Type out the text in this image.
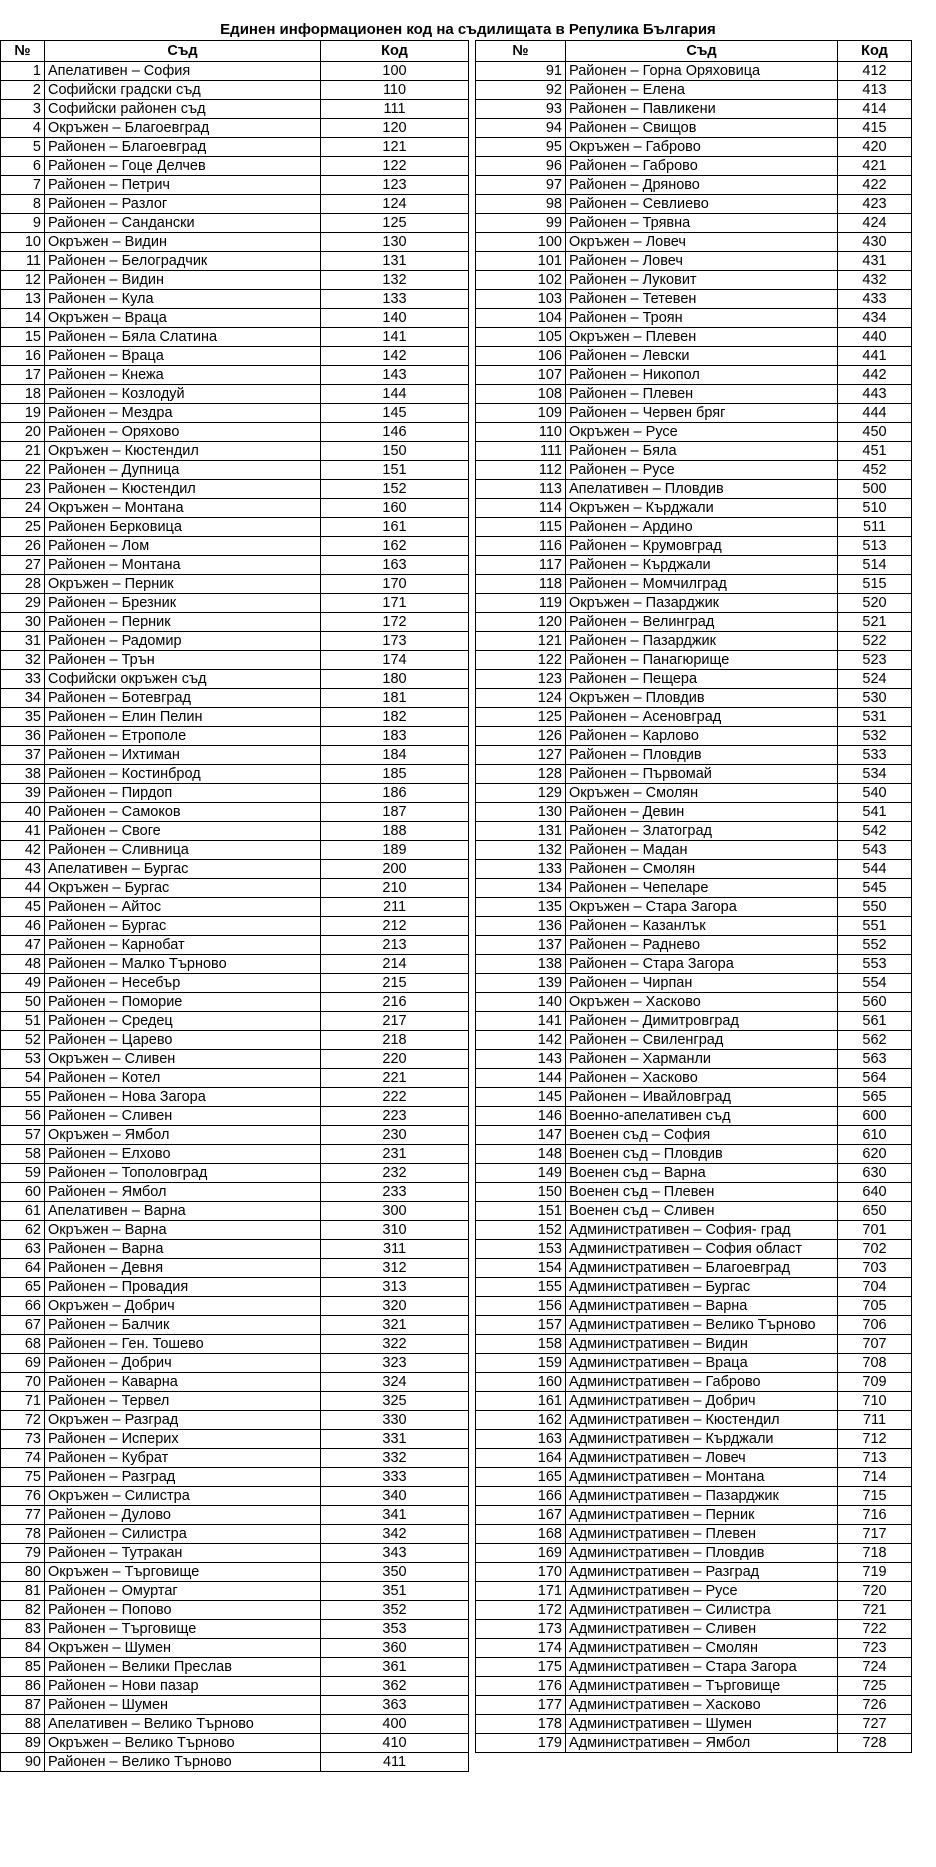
Единен информационен код на съдилищата в Репулика България
№	Съд	Код
1	Апелативен – София	100
2	Софийски градски съд	110
3	Софийски районен съд	111
4	Окръжен – Благоевград	120
5	Районен – Благоевград	121
6	Районен – Гоце Делчев	122
7	Районен – Петрич	123
8	Районен – Разлог	124
9	Районен – Сандански	125
10	Окръжен – Видин	130
11	Районен – Белоградчик	131
12	Районен – Видин	132
13	Районен – Кула	133
14	Окръжен – Враца	140
15	Районен – Бяла Слатина	141
16	Районен – Враца	142
17	Районен – Кнежа	143
18	Районен – Козлодуй	144
19	Районен – Мездра	145
20	Районен – Оряхово	146
21	Окръжен – Кюстендил	150
22	Районен – Дупница	151
23	Районен – Кюстендил	152
24	Окръжен – Монтана	160
25	Районен Берковица	161
26	Районен – Лом	162
27	Районен – Монтана	163
28	Окръжен – Перник	170
29	Районен – Брезник	171
30	Районен – Перник	172
31	Районен – Радомир	173
32	Районен – Трън	174
33	Софийски окръжен съд	180
34	Районен – Ботевград	181
35	Районен – Елин Пелин	182
36	Районен – Етрополе	183
37	Районен – Ихтиман	184
38	Районен – Костинброд	185
39	Районен – Пирдоп	186
40	Районен – Самоков	187
41	Районен – Своге	188
42	Районен – Сливница	189
43	Апелативен – Бургас	200
44	Окръжен – Бургас	210
45	Районен – Айтос	211
46	Районен – Бургас	212
47	Районен – Карнобат	213
48	Районен – Малко Търново	214
49	Районен – Несебър	215
50	Районен – Поморие	216
51	Районен – Средец	217
52	Районен – Царево	218
53	Окръжен – Сливен	220
54	Районен – Котел	221
55	Районен – Нова Загора	222
56	Районен – Сливен	223
57	Окръжен – Ямбол	230
58	Районен – Елхово	231
59	Районен – Тополовград	232
60	Районен – Ямбол	233
61	Апелативен – Варна	300
62	Окръжен – Варна	310
63	Районен – Варна	311
64	Районен – Девня	312
65	Районен – Провадия	313
66	Окръжен – Добрич	320
67	Районен – Балчик	321
68	Районен – Ген. Тошево	322
69	Районен – Добрич	323
70	Районен – Каварна	324
71	Районен – Тервел	325
72	Окръжен – Разград	330
73	Районен – Исперих	331
74	Районен – Кубрат	332
75	Районен – Разград	333
76	Окръжен – Силистра	340
77	Районен – Дулово	341
78	Районен – Силистра	342
79	Районен – Тутракан	343
80	Окръжен – Търговище	350
81	Районен – Омуртаг	351
82	Районен – Попово	352
83	Районен – Търговище	353
84	Окръжен – Шумен	360
85	Районен – Велики Преслав	361
86	Районен – Нови пазар	362
87	Районен – Шумен	363
88	Апелативен – Велико Търново	400
89	Окръжен – Велико Търново	410
90	Районен – Велико Търново	411
№	Съд	Код
91	Районен – Горна Оряховица	412
92	Районен – Елена	413
93	Районен – Павликени	414
94	Районен – Свищов	415
95	Окръжен – Габрово	420
96	Районен – Габрово	421
97	Районен – Дряново	422
98	Районен – Севлиево	423
99	Районен – Трявна	424
100	Окръжен – Ловеч	430
101	Районен – Ловеч	431
102	Районен – Луковит	432
103	Районен – Тетевен	433
104	Районен – Троян	434
105	Окръжен – Плевен	440
106	Районен – Левски	441
107	Районен – Никопол	442
108	Районен – Плевен	443
109	Районен – Червен бряг	444
110	Окръжен – Русе	450
111	Районен – Бяла	451
112	Районен – Русе	452
113	Апелативен – Пловдив	500
114	Окръжен – Кърджали	510
115	Районен – Ардино	511
116	Районен – Крумовград	513
117	Районен – Кърджали	514
118	Районен – Момчилград	515
119	Окръжен – Пазарджик	520
120	Районен – Велинград	521
121	Районен – Пазарджик	522
122	Районен – Панагюрище	523
123	Районен – Пещера	524
124	Окръжен – Пловдив	530
125	Районен – Асеновград	531
126	Районен – Карлово	532
127	Районен – Пловдив	533
128	Районен – Първомай	534
129	Окръжен – Смолян	540
130	Районен – Девин	541
131	Районен – Златоград	542
132	Районен – Мадан	543
133	Районен – Смолян	544
134	Районен – Чепеларе	545
135	Окръжен – Стара Загора	550
136	Районен – Казанлък	551
137	Районен – Раднево	552
138	Районен – Стара Загора	553
139	Районен – Чирпан	554
140	Окръжен – Хасково	560
141	Районен – Димитровград	561
142	Районен – Свиленград	562
143	Районен – Харманли	563
144	Районен – Хасково	564
145	Районен – Ивайловград	565
146	Военно-апелативен съд	600
147	Военен съд – София	610
148	Военен съд – Пловдив	620
149	Военен съд – Варна	630
150	Военен съд – Плевен	640
151	Военен съд – Сливен	650
152	Административен – София- град	701
153	Административен – София област	702
154	Административен – Благоевград	703
155	Административен – Бургас	704
156	Административен – Варна	705
157	Административен – Велико Търново	706
158	Административен – Видин	707
159	Административен – Враца	708
160	Административен – Габрово	709
161	Административен – Добрич	710
162	Административен – Кюстендил	711
163	Административен – Кърджали	712
164	Административен – Ловеч	713
165	Административен – Монтана	714
166	Административен – Пазарджик	715
167	Административен – Перник	716
168	Административен – Плевен	717
169	Административен – Пловдив	718
170	Административен – Разград	719
171	Административен – Русе	720
172	Административен – Силистра	721
173	Административен – Сливен	722
174	Административен – Смолян	723
175	Административен – Стара Загора	724
176	Административен – Търговище	725
177	Административен – Хасково	726
178	Административен – Шумен	727
179	Административен – Ямбол	728
